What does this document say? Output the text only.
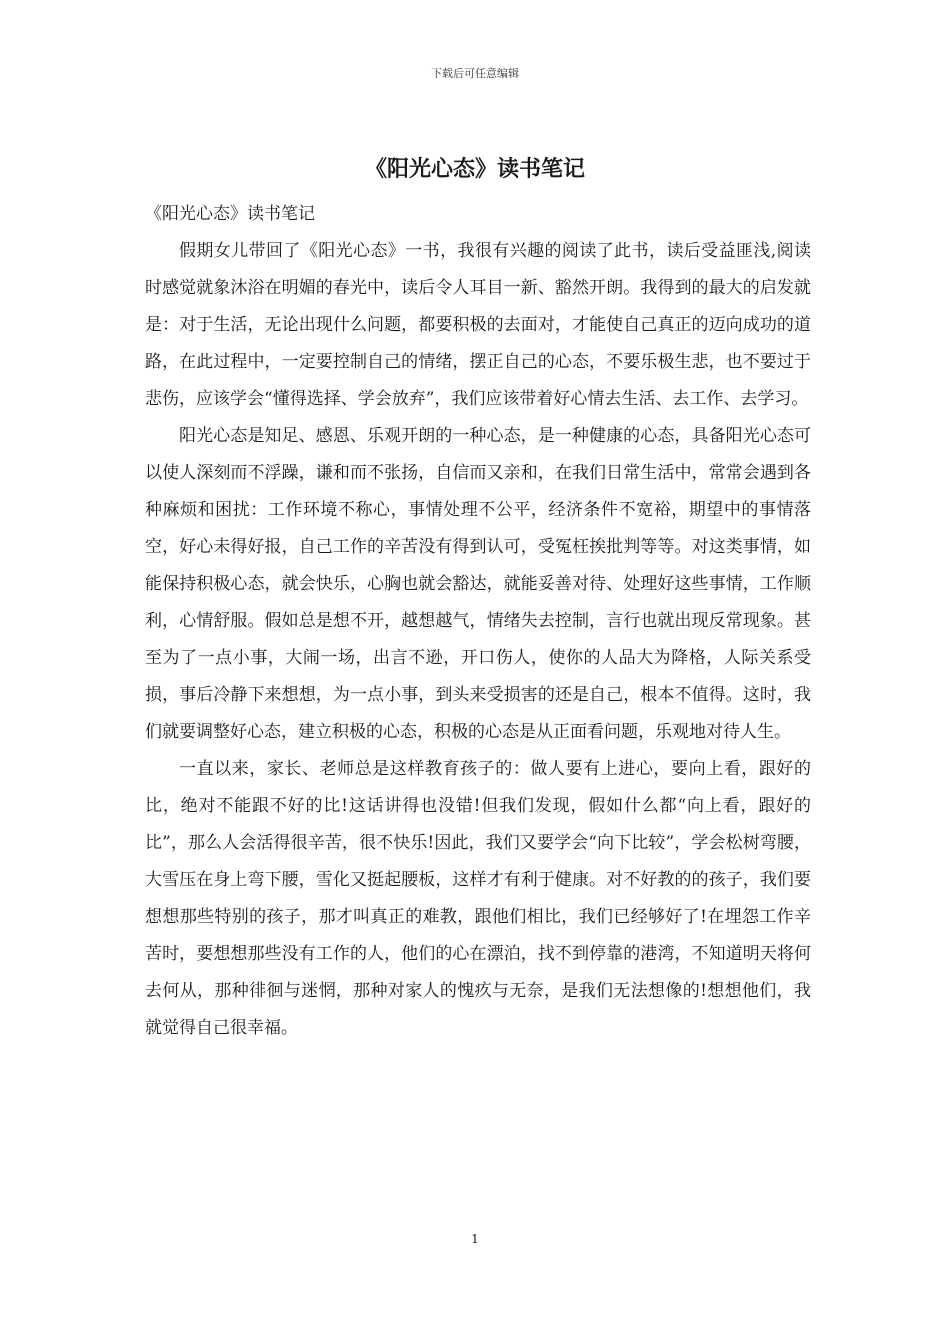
下载后可任意编辑
《阳光心态》读书笔记

《阳光心态》读书笔记

假期女儿带回了《阳光心态》一书，我很有兴趣的阅读了此书，读后受益匪浅,阅读时感觉就象沐浴在明媚的春光中，读后令人耳目一新、豁然开朗。我得到的最大的启发就是：对于生活，无论出现什么问题，都要积极的去面对，才能使自己真正的迈向成功的道路，在此过程中，一定要控制自己的情绪，摆正自己的心态，不要乐极生悲，也不要过于悲伤，应该学会“懂得选择、学会放弃”，我们应该带着好心情去生活、去工作、去学习。

阳光心态是知足、感恩、乐观开朗的一种心态，是一种健康的心态，具备阳光心态可以使人深刻而不浮躁，谦和而不张扬，自信而又亲和，在我们日常生活中，常常会遇到各种麻烦和困扰：工作环境不称心，事情处理不公平，经济条件不宽裕，期望中的事情落空，好心未得好报，自己工作的辛苦没有得到认可，受冤枉挨批判等等。对这类事情，如能保持积极心态，就会快乐，心胸也就会豁达，就能妥善对待、处理好这些事情，工作顺利，心情舒服。假如总是想不开，越想越气，情绪失去控制，言行也就出现反常现象。甚至为了一点小事，大闹一场，出言不逊，开口伤人，使你的人品大为降格，人际关系受损，事后冷静下来想想，为一点小事，到头来受损害的还是自己，根本不值得。这时，我们就要调整好心态，建立积极的心态，积极的心态是从正面看问题，乐观地对待人生。

一直以来，家长、老师总是这样教育孩子的：做人要有上进心，要向上看，跟好的比，绝对不能跟不好的比!这话讲得也没错!但我们发现，假如什么都“向上看，跟好的比”，那么人会活得很辛苦，很不快乐!因此，我们又要学会“向下比较”，学会松树弯腰，大雪压在身上弯下腰，雪化又挺起腰板，这样才有利于健康。对不好教的的孩子，我们要想想那些特别的孩子，那才叫真正的难教，跟他们相比，我们已经够好了!在埋怨工作辛苦时，要想想那些没有工作的人，他们的心在漂泊，找不到停靠的港湾，不知道明天将何去何从，那种徘徊与迷惘，那种对家人的愧疚与无奈，是我们无法想像的!想想他们，我就觉得自己很幸福。

1
